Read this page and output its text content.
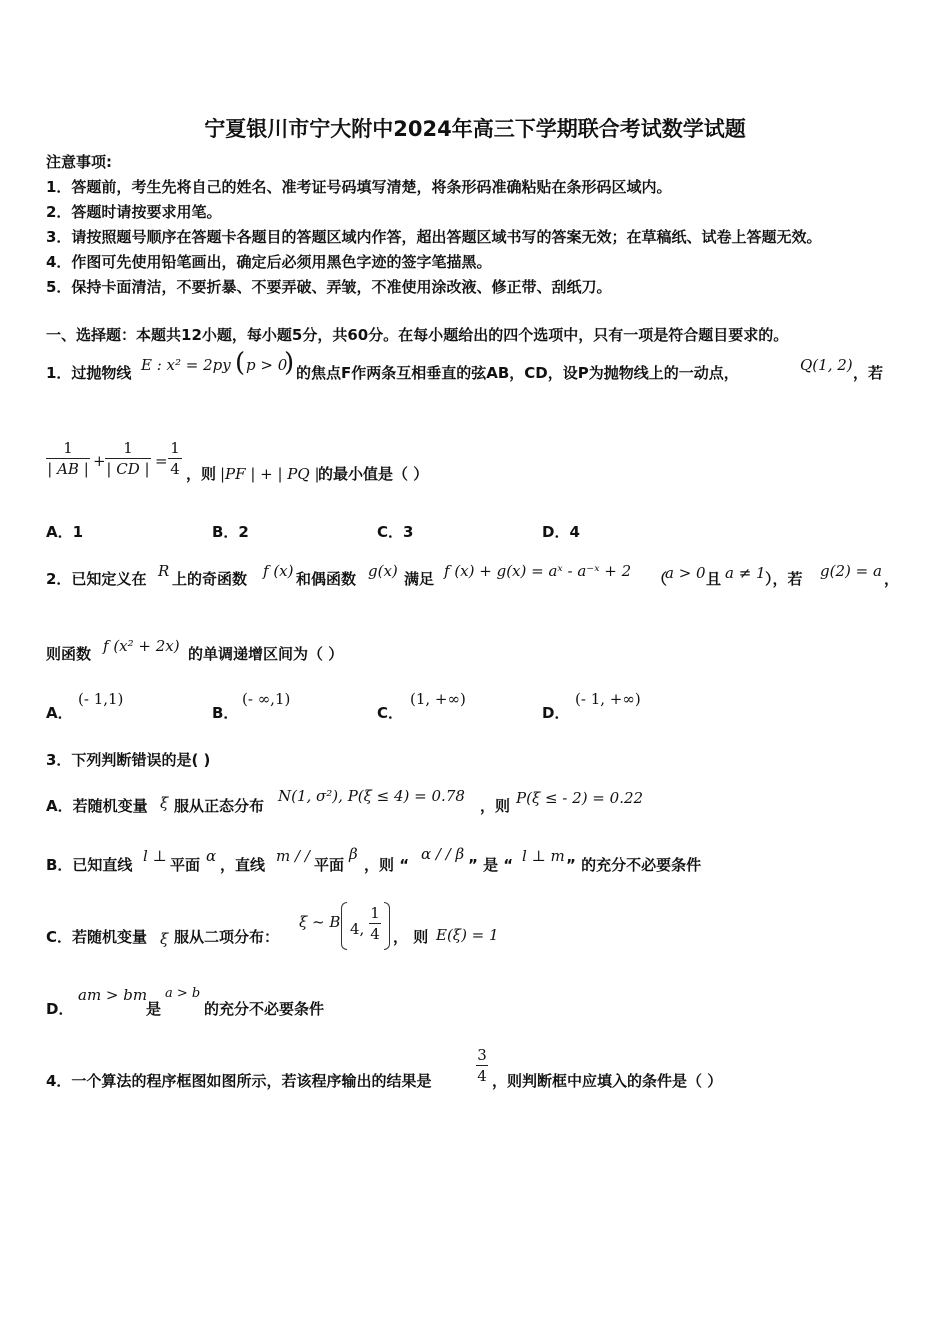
宁夏银川市宁大附中2024年高三下学期联合考试数学试题
注意事项:
1．答题前，考生先将自己的姓名、准考证号码填写清楚，将条形码准确粘贴在条形码区域内。
2．答题时请按要求用笔。
3．请按照题号顺序在答题卡各题目的答题区域内作答，超出答题区域书写的答案无效；在草稿纸、试卷上答题无效。
4．作图可先使用铅笔画出，确定后必须用黑色字迹的签字笔描黑。
5．保持卡面清洁，不要折暴、不要弄破、弄皱，不准使用涂改液、修正带、刮纸刀。
一、选择题：本题共12小题，每小题5分，共60分。在每小题给出的四个选项中，只有一项是符合题目要求的。
1．过抛物线 E : x² = 2py ( p > 0
) 的焦点F作两条互相垂直的弦AB，CD，设P为抛物线上的一动点，	Q(1, 2) ，若
1
| AB | +
1
| CD | =
1
4 ，则 |PF | + | PQ |
的最小值是（ ）
A．1	B．2	C．3	D．4
2．已知定义在 R 上的奇函数 f (x) 和偶函数 g(x) 满足 f (x) + g(x) = aˣ - a⁻ˣ + 2 （
a > 0 且 a ≠ 1 ），若 g(2) = a ，
则函数 f (x² + 2x) 的单调递增区间为（ ）
A．
(- 1,1)
B．
(- ∞,1)
C．
(1, +∞)
D．
(- 1, +∞)
3．下列判断错误的是( )
A．若随机变量 ξ 服从正态分布
N(1, σ²), P(ξ ≤ 4) = 0.78
，则 P(ξ ≤ - 2) = 0.22
B．已知直线 l ⊥ 平面 α ，直线 m / / 平面
β
，则 “
α / / β
” 是 “ l ⊥ m ” 的充分不必要条件
C．若随机变量 ξ 服从二项分布：
ξ ~ B 4,
1
4 ， 则 E(ξ) = 1
D．
am > bm
是
a > b
的充分不必要条件
4．一个算法的程序框图如图所示，若该程序输出的结果是
3
4 ，则判断框中应填入的条件是（ ）
